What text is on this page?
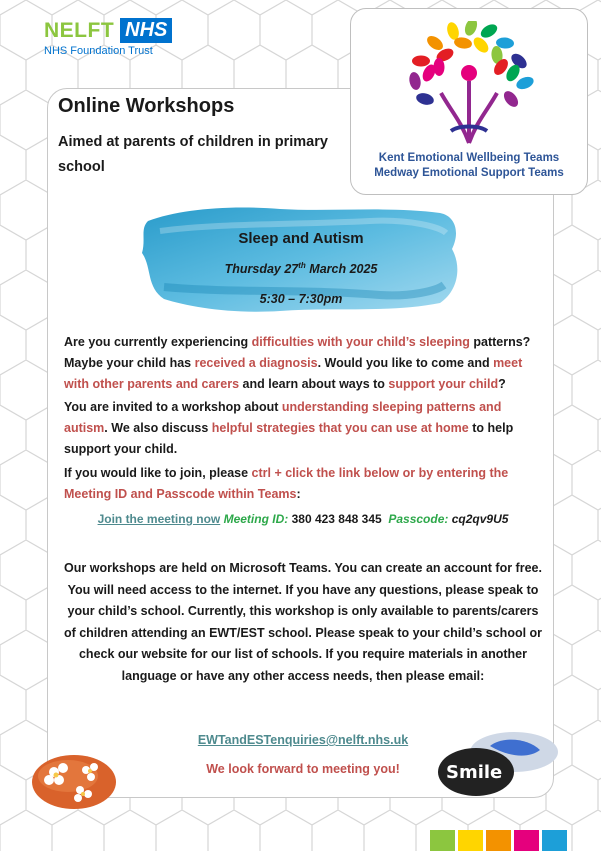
NELFT NHS
NHS Foundation Trust
Kent Emotional Wellbeing Teams
Medway Emotional Support Teams
Online Workshops

Aimed at parents of children in primary school

Sleep and Autism
Thursday 27th March 2025
5:30 – 7:30pm

Are you currently experiencing difficulties with your child’s sleeping patterns? Maybe your child has received a diagnosis. Would you like to come and meet with other parents and carers and learn about ways to support your child?

You are invited to a workshop about understanding sleeping patterns and autism. We also discuss helpful strategies that you can use at home to help support your child.

If you would like to join, please ctrl + click the link below or by entering the Meeting ID and Passcode within Teams:

Join the meeting now Meeting ID: 380 423 848 345 Passcode: cq2qv9U5

Our workshops are held on Microsoft Teams. You can create an account for free. You will need access to the internet. If you have any questions, please speak to your child’s school. Currently, this workshop is only available to parents/carers of children attending an EWT/EST school. Please speak to your child’s school or check our website for our list of schools. If you require materials in another language or have any other access needs, then please email:

EWTandESTenquiries@nelft.nhs.uk
We look forward to meeting you!	Smile
